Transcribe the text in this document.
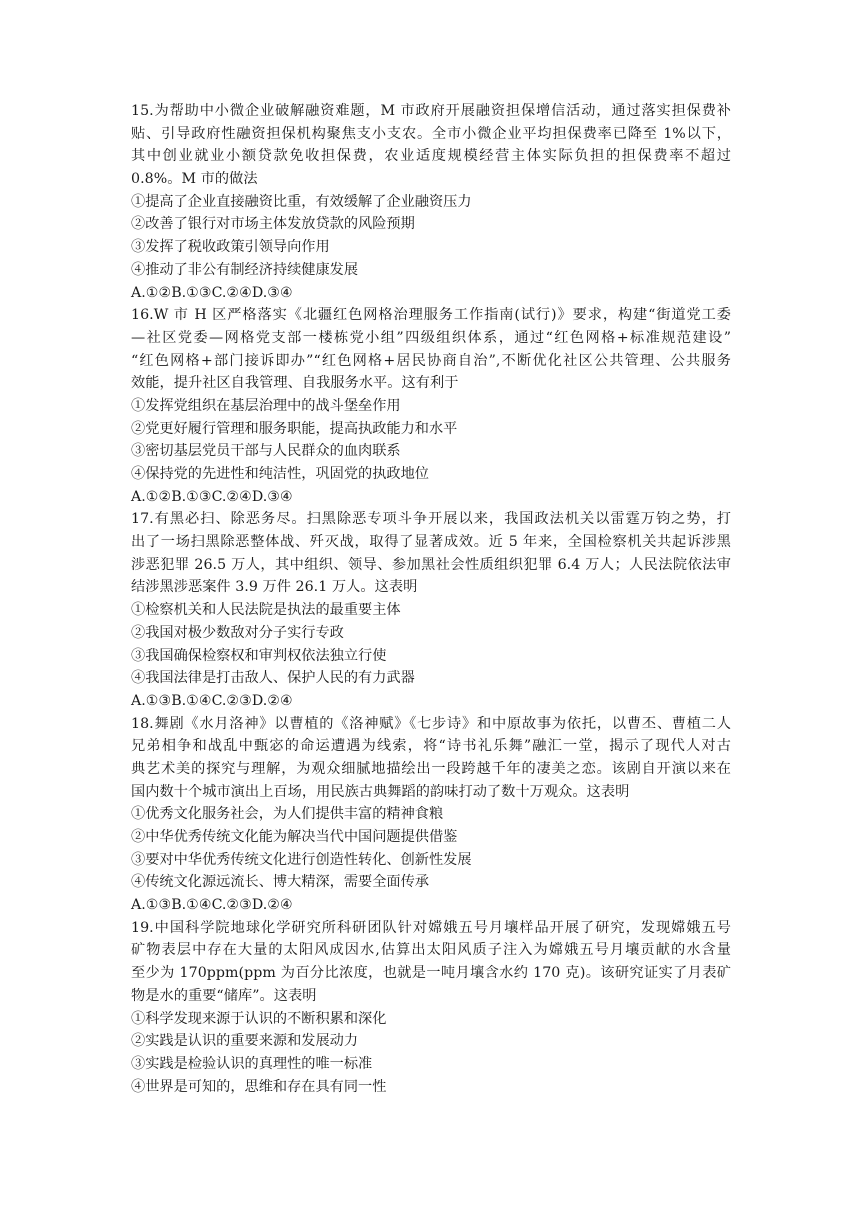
15.为帮助中小微企业破解融资难题，M 市政府开展融资担保增信活动，通过落实担保费补
贴、引导政府性融资担保机构聚焦支小支农。全市小微企业平均担保费率已降至 1%以下，
其中创业就业小额贷款免收担保费，农业适度规模经营主体实际负担的担保费率不超过
0.8%。M 市的做法
①提高了企业直接融资比重，有效缓解了企业融资压力
②改善了银行对市场主体发放贷款的风险预期
③发挥了税收政策引领导向作用
④推动了非公有制经济持续健康发展
A.①②B.①③C.②④D.③④
16.W 市 H 区严格落实《北疆红色网格治理服务工作指南(试行)》要求，构建“街道党工委
—社区党委—网格党支部一楼栋党小组”四级组织体系，通过“红色网格+标准规范建设”
“红色网格+部门接诉即办”“红色网格+居民协商自治”,不断优化社区公共管理、公共服务
效能，提升社区自我管理、自我服务水平。这有利于
①发挥党组织在基层治理中的战斗堡垒作用
②党更好履行管理和服务职能，提高执政能力和水平
③密切基层党员干部与人民群众的血肉联系
④保持党的先进性和纯洁性，巩固党的执政地位
A.①②B.①③C.②④D.③④
17.有黑必扫、除恶务尽。扫黑除恶专项斗争开展以来，我国政法机关以雷霆万钧之势，打
出了一场扫黑除恶整体战、歼灭战，取得了显著成效。近 5 年来，全国检察机关共起诉涉黑
涉恶犯罪 26.5 万人，其中组织、领导、参加黑社会性质组织犯罪 6.4 万人；人民法院依法审
结涉黑涉恶案件 3.9 万件 26.1 万人。这表明
①检察机关和人民法院是执法的最重要主体
②我国对极少数敌对分子实行专政
③我国确保检察权和审判权依法独立行使
④我国法律是打击敌人、保护人民的有力武器
A.①③B.①④C.②③D.②④
18.舞剧《水月洛神》以曹植的《洛神赋》《七步诗》和中原故事为依托，以曹丕、曹植二人
兄弟相争和战乱中甄宓的命运遭遇为线索，将“诗书礼乐舞”融汇一堂，揭示了现代人对古
典艺术美的探究与理解，为观众细腻地描绘出一段跨越千年的凄美之恋。该剧自开演以来在
国内数十个城市演出上百场，用民族古典舞蹈的韵味打动了数十万观众。这表明
①优秀文化服务社会，为人们提供丰富的精神食粮
②中华优秀传统文化能为解决当代中国问题提供借鉴
③要对中华优秀传统文化进行创造性转化、创新性发展
④传统文化源远流长、博大精深，需要全面传承
A.①③B.①④C.②③D.②④
19.中国科学院地球化学研究所科研团队针对嫦娥五号月壤样品开展了研究，发现嫦娥五号
矿物表层中存在大量的太阳风成因水,估算出太阳风质子注入为嫦娥五号月壤贡献的水含量
至少为 170ppm(ppm 为百分比浓度，也就是一吨月壤含水约 170 克)。该研究证实了月表矿
物是水的重要“储库”。这表明
①科学发现来源于认识的不断积累和深化
②实践是认识的重要来源和发展动力
③实践是检验认识的真理性的唯一标准
④世界是可知的，思维和存在具有同一性
